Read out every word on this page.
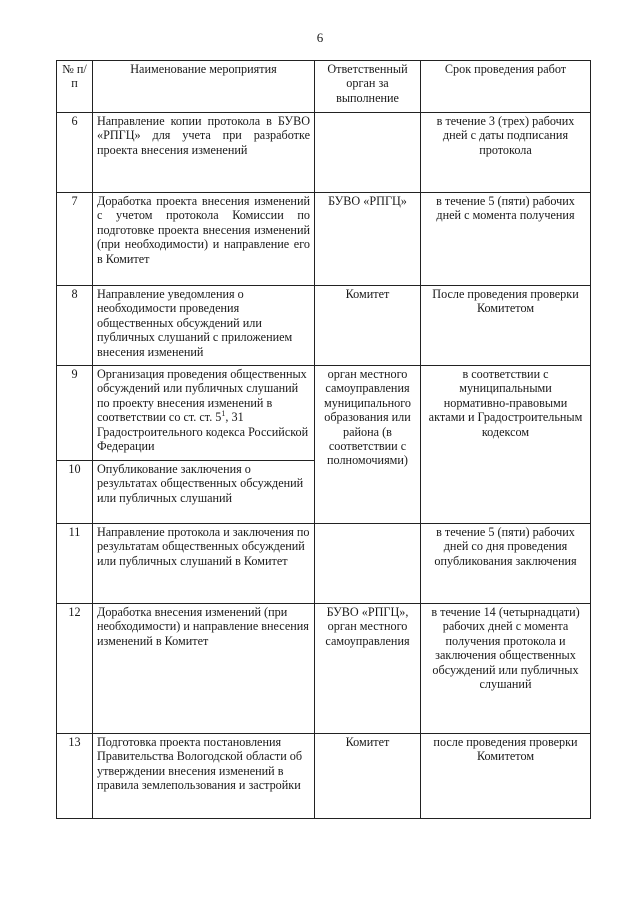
6
№ п/п	Наименование мероприятия	Ответственный орган за выполнение	Срок проведения работ
6	Направление копии протокола в БУВО «РПГЦ» для учета при разработке проекта внесения изменений		в течение 3 (трех) рабочих дней с даты подписания протокола
7	Доработка проекта внесения изменений с учетом протокола Комиссии по подготовке проекта внесения изменений (при необходимости) и направление его в Комитет	БУВО «РПГЦ»	в течение 5 (пяти) рабочих дней с момента получения
8	Направление уведомления о необходимости проведения общественных обсуждений или публичных слушаний с приложением внесения изменений	Комитет	После проведения проверки Комитетом
9	Организация проведения общественных обсуждений или публичных слушаний по проекту внесения изменений в соответствии со ст. ст. $5^1$, 31 Градостроительного кодекса Российской Федерации	орган местного самоуправления муниципального образования или района (в соответствии с полномочиями)	в соответствии с муниципальными нормативно-правовыми актами и Градостроительным кодексом
10	Опубликование заключения о результатах общественных обсуждений или публичных слушаний		
11	Направление протокола и заключения по результатам общественных обсуждений или публичных слушаний в Комитет		в течение 5 (пяти) рабочих дней со дня проведения опубликования заключения
12	Доработка внесения изменений (при необходимости) и направление внесения изменений в Комитет	БУВО «РПГЦ», орган местного самоуправления	в течение 14 (четырнадцати) рабочих дней с момента получения протокола и заключения общественных обсуждений или публичных слушаний
13	Подготовка проекта постановления Правительства Вологодской области об утверждении внесения изменений в правила землепользования и застройки	Комитет	после проведения проверки Комитетом
